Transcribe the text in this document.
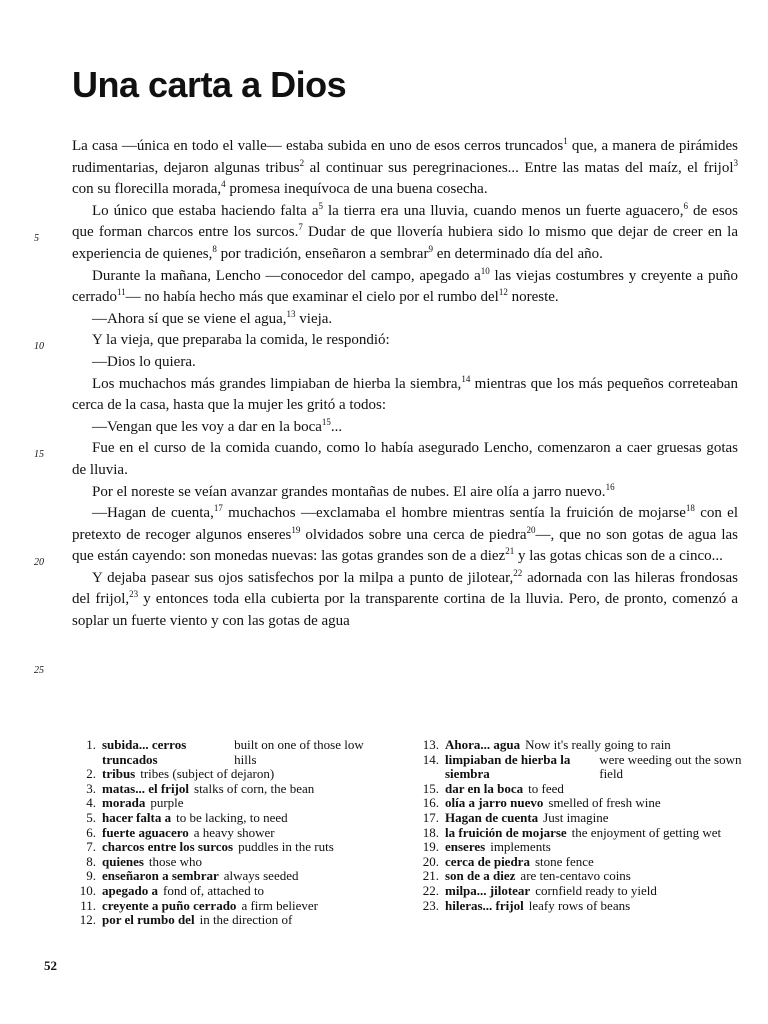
Una carta a Dios
5
10
15
20
25

La casa —única en todo el valle— estaba subida en uno de esos cerros truncados$^1$ que, a manera de pirámides rudimentarias, dejaron algunas tribus$^2$ al continuar sus peregrinaciones... Entre las matas del maíz, el frijol$^3$ con su florecilla morada,$^4$ promesa inequívoca de una buena cosecha.

Lo único que estaba haciendo falta $a^5$ la tierra era una lluvia, cuando menos un fuerte aguacero,$^6$ de esos que forman charcos entre los surcos.$^7$ Dudar de que llovería hubiera sido lo mismo que dejar de creer en la experiencia de quienes,$^8$ por tradición, enseñaron a sembrar$^9$ en determinado día del año.

Durante la mañana, Lencho —conocedor del campo, apegado $a^{10}$ las viejas costumbres y creyente a puño cerrado$^{11}$— no había hecho más que examinar el cielo por el rumbo del$^{12}$ noreste.

—Ahora sí que se viene el agua,$^{13}$ vieja.

Y la vieja, que preparaba la comida, le respondió:

—Dios lo quiera.

Los muchachos más grandes limpiaban de hierba la siembra,$^{14}$ mientras que los más pequeños correteaban cerca de la casa, hasta que la mujer les gritó a todos:

—Vengan que les voy a dar en la boca$^{15}$...

Fue en el curso de la comida cuando, como lo había asegurado Lencho, comenzaron a caer gruesas gotas de lluvia.

Por el noreste se veían avanzar grandes montañas de nubes. El aire olía a jarro nuevo.$^{16}$

—Hagan de cuenta,$^{17}$ muchachos —exclamaba el hombre mientras sentía la fruición de mojarse$^{18}$ con el pretexto de recoger algunos enseres$^{19}$ olvidados sobre una cerca de piedra$^{20}$—, que no son gotas de agua las que están cayendo: son monedas nuevas: las gotas grandes son de a diez$^{21}$ y las gotas chicas son de a cinco...

Y dejaba pasear sus ojos satisfechos por la milpa a punto de jilotear,$^{22}$ adornada con las hileras frondosas del frijol,$^{23}$ y entonces toda ella cubierta por la transparente cortina de la lluvia. Pero, de pronto, comenzó a soplar un fuerte viento y con las gotas de agua

1. subida... cerros truncados
built on one of those low hills
2. tribus tribes (subject of dejaron)
3. matas... el frijol stalks of corn, the bean
4. morada purple
5. hacer falta a to be lacking, to need
6. fuerte aguacero a heavy shower
7. charcos entre los surcos puddles in the ruts
8. quienes those who
9. enseñaron a sembrar always seeded
10. apegado a fond of, attached to
11. creyente a puño cerrado a firm believer
12. por el rumbo del in the direction of
13. Ahora... agua Now it's really going to rain
14. limpiaban de hierba la siembra
were weeding out the sown field
15. dar en la boca to feed
16. olía a jarro nuevo smelled of fresh wine
17. Hagan de cuenta Just imagine
18. la fruición de mojarse the enjoyment of getting wet
19. enseres implements
20. cerca de piedra stone fence
21. son de a diez are ten-centavo coins
22. milpa... jilotear cornfield ready to yield
23. hileras... frijol leafy rows of beans
52
